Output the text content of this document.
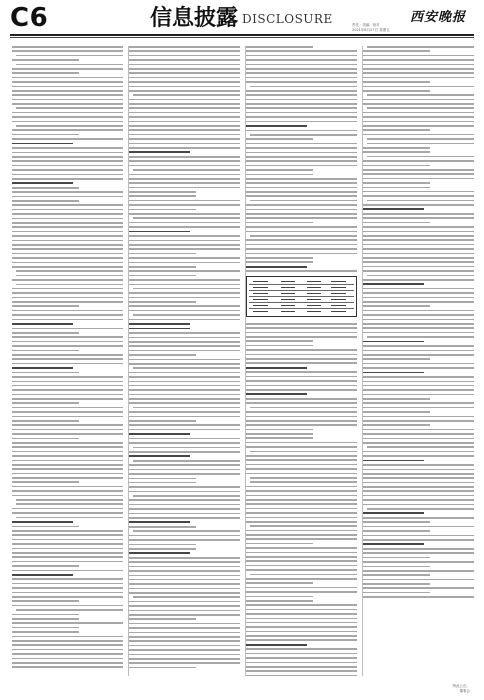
C6	信息披露 DISCLOSURE	西安晚报
责任 · 美编 · 校对
2021年8月27日 星期五
特此公告。
董事会
